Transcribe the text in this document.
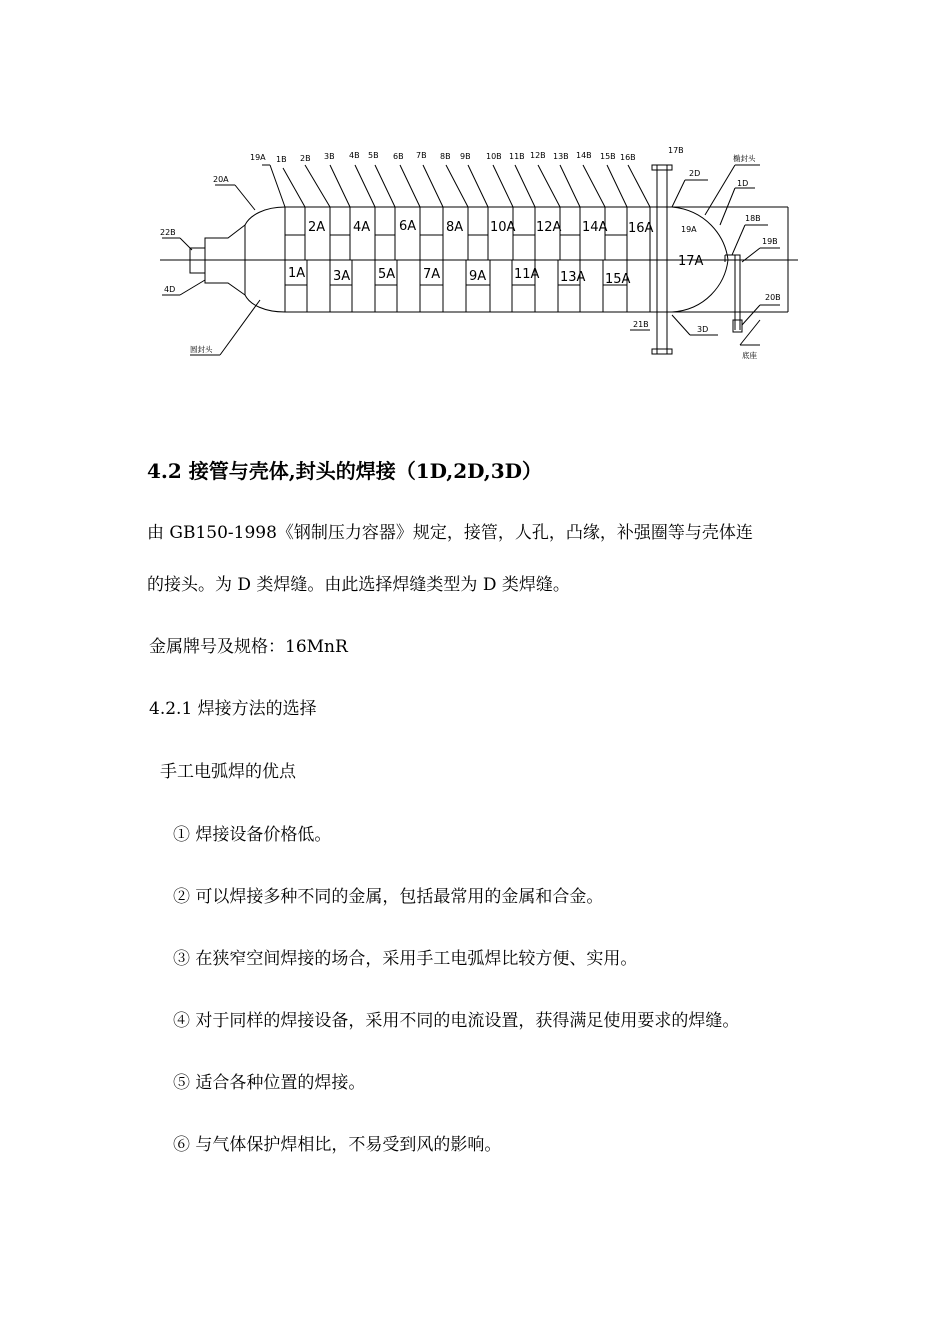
19A 1B 2B 3B 4B 5B 6B 7B 8B 9B 10B 11B 12B 13B 14B 15B 16B
2A 4A 6A 8A 10A 12A 14A 16A
1A 3A 5A 7A 9A 11A 13A 15A
20A
22B
4D
圆封头
17B
2D
椭封头
1D
18B
19B
20B
19A
17A
21B
3D
底座
4.2 接管与壳体,封头的焊接（1D,2D,3D）
由 GB150-1998《钢制压力容器》规定，接管，人孔，凸缘，补强圈等与壳体连
的接头。为 D 类焊缝。由此选择焊缝类型为 D 类焊缝。
金属牌号及规格：16MnR
4.2.1 焊接方法的选择
手工电弧焊的优点
① 焊接设备价格低。
② 可以焊接多种不同的金属，包括最常用的金属和合金。
③ 在狭窄空间焊接的场合，采用手工电弧焊比较方便、实用。
④ 对于同样的焊接设备，采用不同的电流设置，获得满足使用要求的焊缝。
⑤ 适合各种位置的焊接。
⑥ 与气体保护焊相比，不易受到风的影响。
